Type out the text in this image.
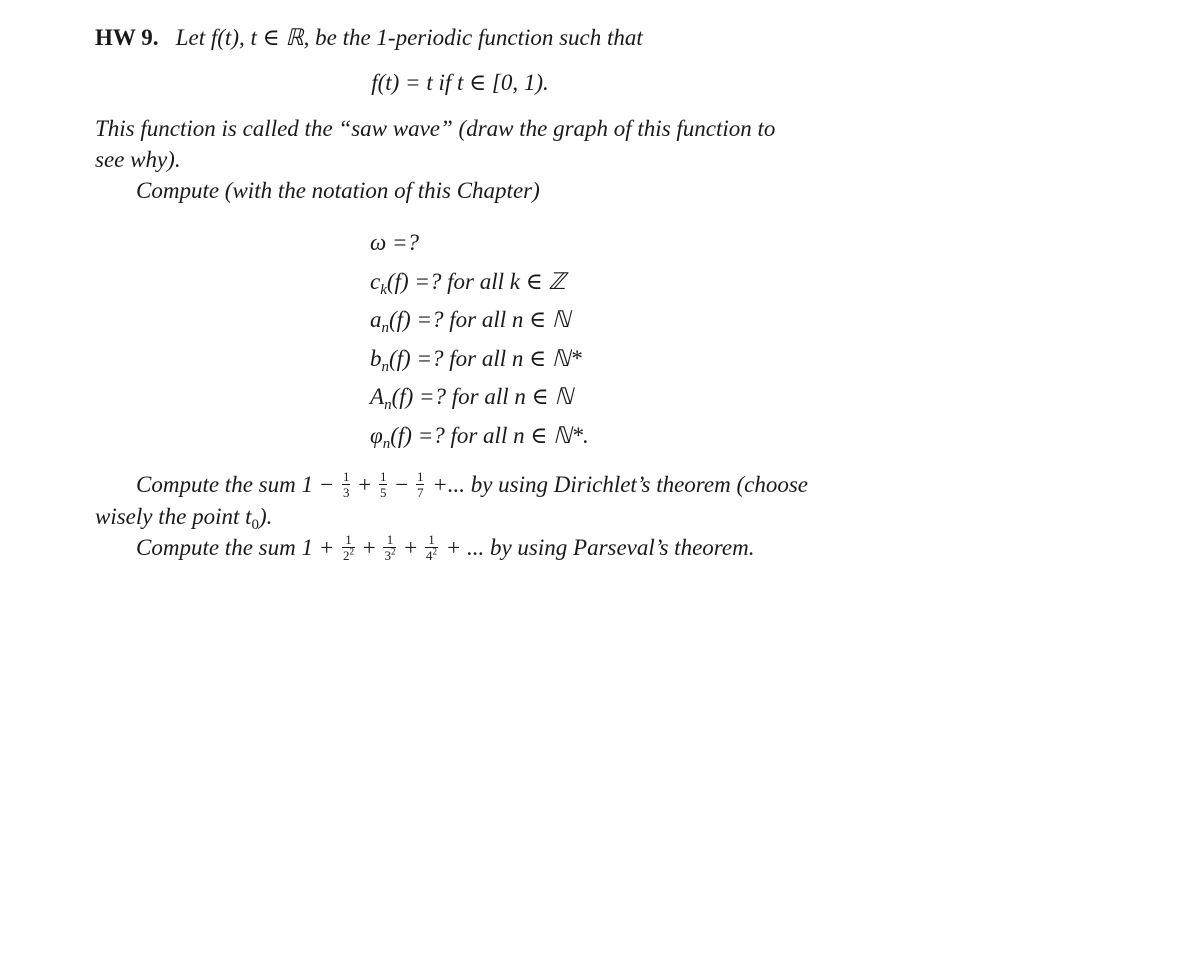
HW 9. Let f(t), t ∈ ℝ, be the 1-periodic function such that

f(t) = t if t ∈ [0, 1).

This function is called the “saw wave” (draw the graph of this function to

see why).

Compute (with the notation of this Chapter)

ω =?
$c_k(f)$ =? for all k ∈ ℤ
$a_n(f)$ =? for all n ∈ ℕ
$b_n(f)$ =? for all n ∈ ℕ*
$A_n(f)$ =? for all n ∈ ℕ
$\varphi_n(f)$ =? for all n ∈ ℕ*.

Compute the sum $1 - \frac{1}{3} + \frac{1}{5} - \frac{1}{7}$ +... by using Dirichlet’s theorem (choose

wisely the point $t_0$).

Compute the sum $1 + \frac{1}{2^2} + \frac{1}{3^2} + \frac{1}{4^2}$ + ... by using Parseval’s theorem.
